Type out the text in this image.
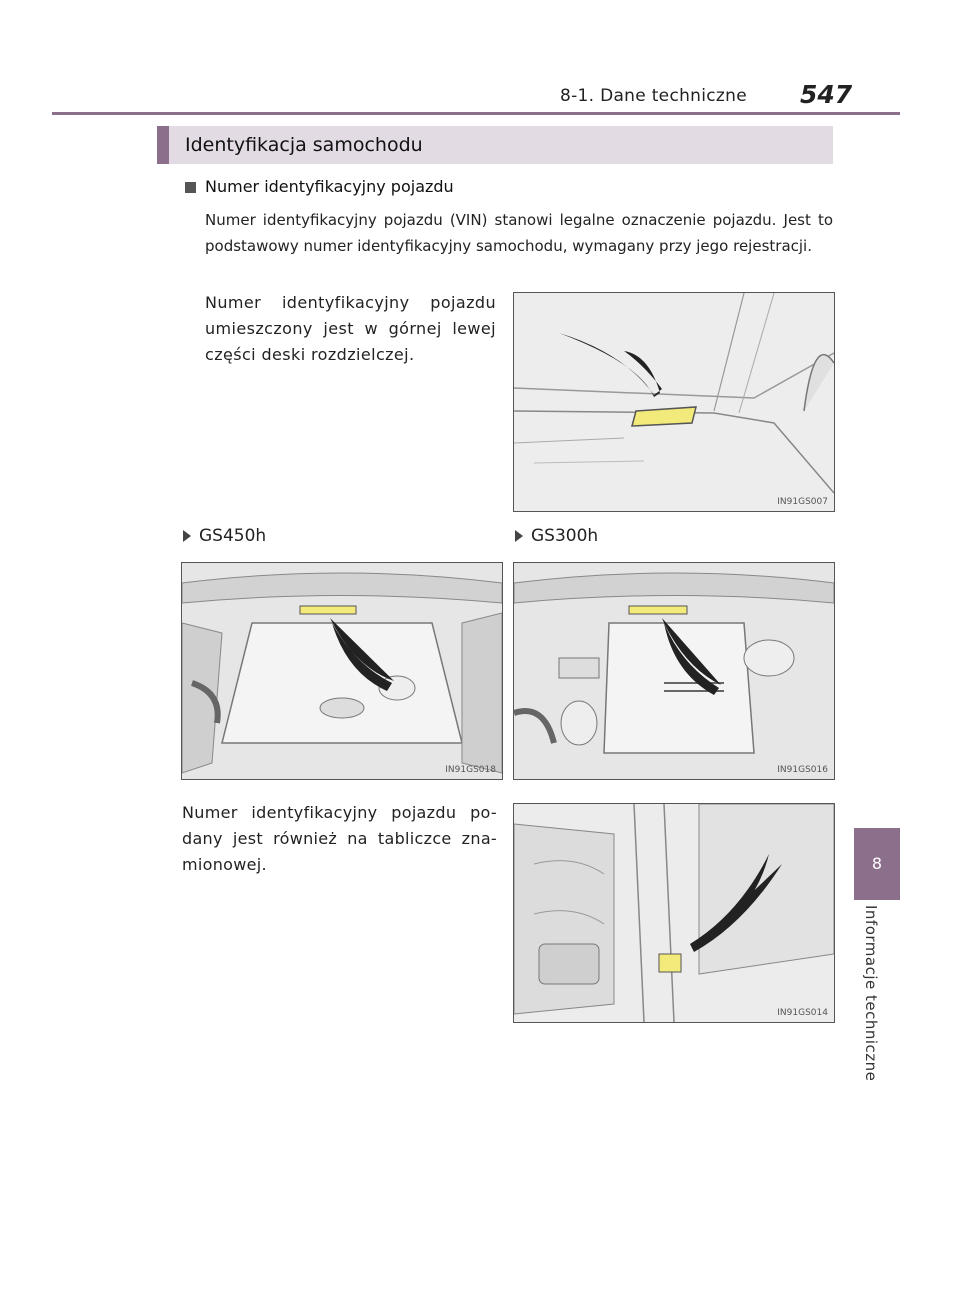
8-1. Dane techniczne 547
Identyfikacja samochodu
Numer identyfikacyjny pojazdu
Numer identyfikacyjny pojazdu (VIN) stanowi legalne oznaczenie pojazdu. Jest to podstawowy numer identyfikacyjny samochodu, wymagany przy jego rejestracji.
Numer identyfikacyjny pojazdu umieszczony jest w górnej lewej części deski rozdzielczej.
IN91GS007
GS450h	GS300h
IN91GS018	IN91GS016
Numer identyfikacyjny pojazdu po-dany jest również na tabliczce zna-mionowej.
IN91GS014
8
Informacje techniczne
